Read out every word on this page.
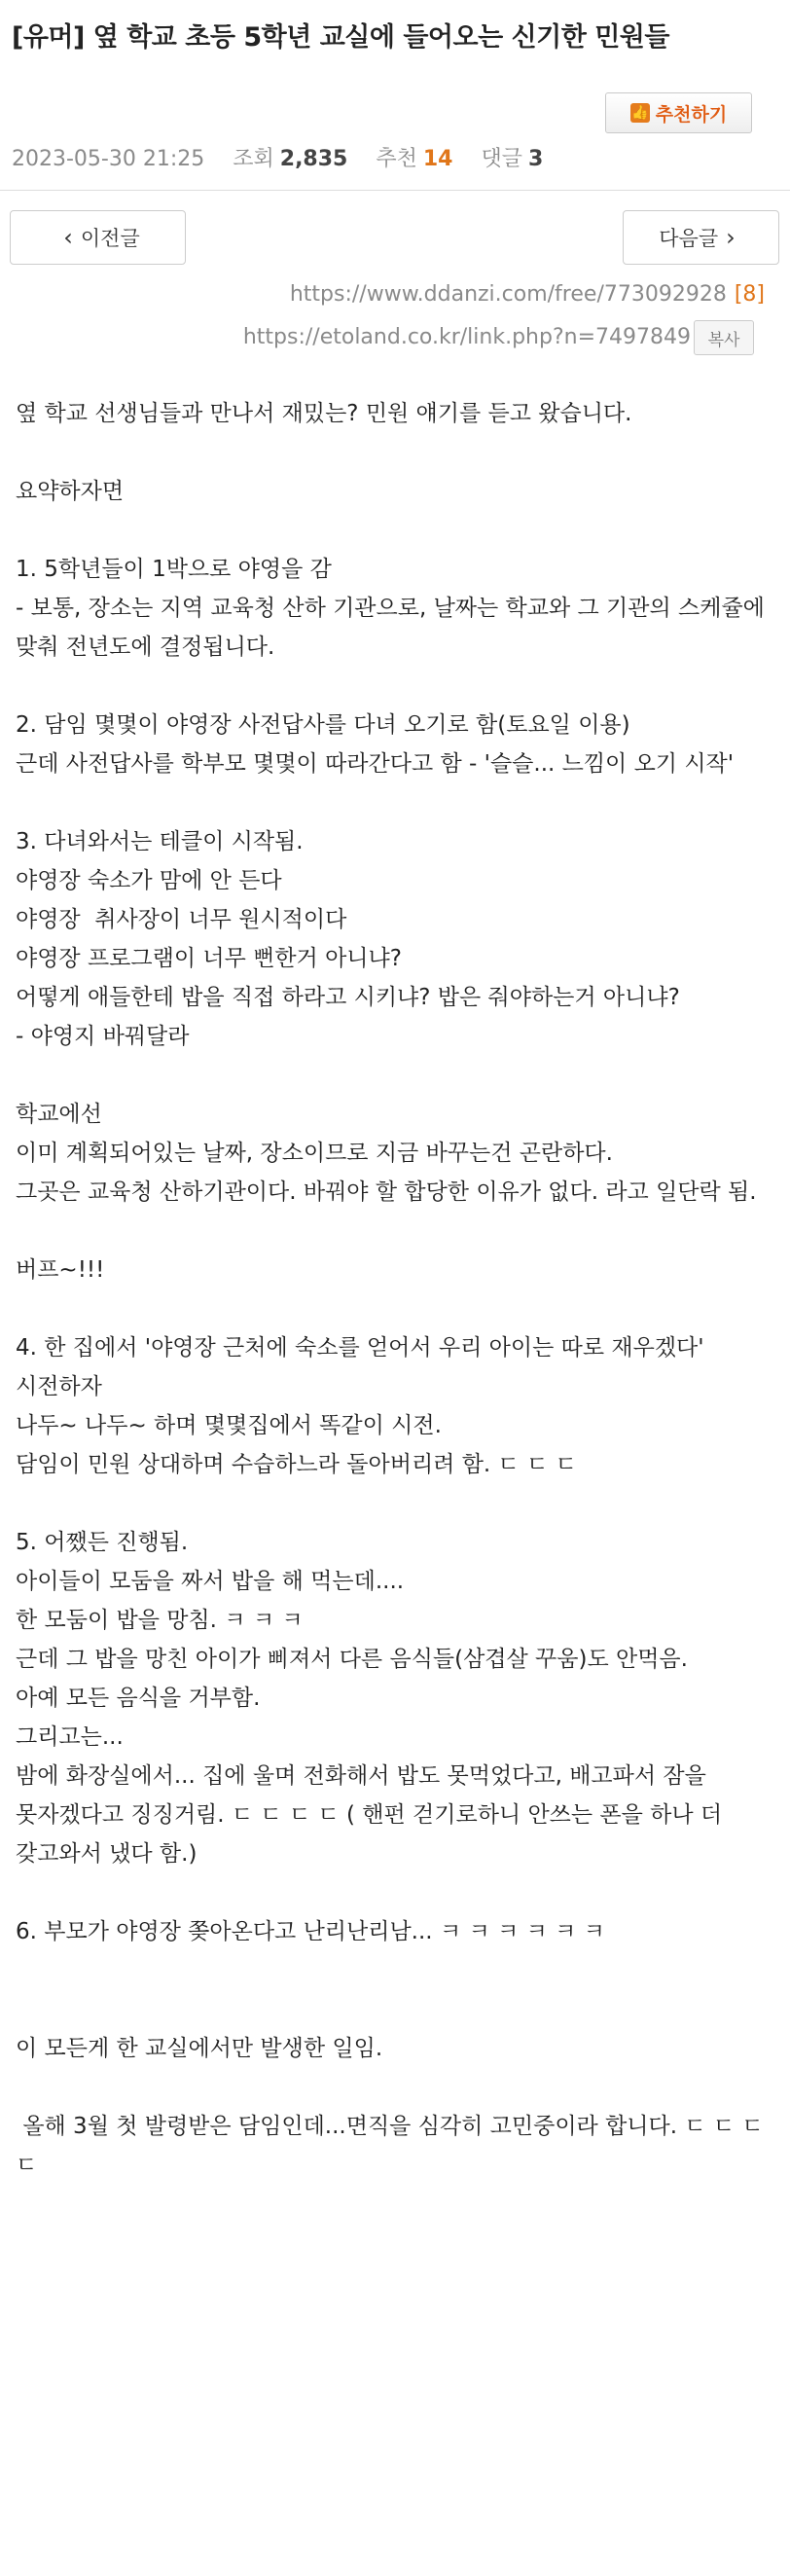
[유머] 옆 학교 초등 5학년 교실에 들어오는 신기한 민원들
👍 추천하기
2023-05-30 21:25 조회 2,835 추천 14 댓글 3
‹ 이전글	다음글 ›
https://www.ddanzi.com/free/773092928 [8]
https://etoland.co.kr/link.php?n=7497849	복사

옆 학교 선생님들과 만나서 재밌는? 민원 얘기를 듣고 왔습니다.

요약하자면

1. 5학년들이 1박으로 야영을 감

- 보통, 장소는 지역 교육청 산하 기관으로, 날짜는 학교와 그 기관의 스케쥴에 맞춰 전년도에 결정됩니다.

2. 담임 몇몇이 야영장 사전답사를 다녀 오기로 함(토요일 이용)

근데 사전답사를 학부모 몇몇이 따라간다고 함 - '슬슬... 느낌이 오기 시작'

3. 다녀와서는 테클이 시작됨.

야영장 숙소가 맘에 안 든다

야영장  취사장이 너무 원시적이다

야영장 프로그램이 너무 뻔한거 아니냐?

어떻게 애들한테 밥을 직접 하라고 시키냐? 밥은 줘야하는거 아니냐?

- 야영지 바꿔달라

학교에선

이미 계획되어있는 날짜, 장소이므로 지금 바꾸는건 곤란하다.

그곳은 교육청 산하기관이다. 바꿔야 할 합당한 이유가 없다. 라고 일단락 됨.

버프~!!!

4. 한 집에서 '야영장 근처에 숙소를 얻어서 우리 아이는 따로 재우겠다' 시전하자

나두~ 나두~ 하며 몇몇집에서 똑같이 시전.

담임이 민원 상대하며 수습하느라 돌아버리려 함. ㄷ ㄷ ㄷ

5. 어쨌든 진행됨.

아이들이 모둠을 짜서 밥을 해 먹는데....

한 모둠이 밥을 망침. ㅋ ㅋ ㅋ

근데 그 밥을 망친 아이가 삐져서 다른 음식들(삼겹살 꾸움)도 안먹음.

아예 모든 음식을 거부함.

그리고는...

밤에 화장실에서... 집에 울며 전화해서 밥도 못먹었다고, 배고파서 잠을 못자겠다고 징징거림. ㄷ ㄷ ㄷ ㄷ ( 핸펀 걷기로하니 안쓰는 폰을 하나 더 갖고와서 냈다 함.)

6. 부모가 야영장 쫒아온다고 난리난리남... ㅋ ㅋ ㅋ ㅋ ㅋ ㅋ

이 모든게 한 교실에서만 발생한 일임.

올해 3월 첫 발령받은 담임인데...면직을 심각히 고민중이라 합니다. ㄷ ㄷ ㄷ ㄷ
